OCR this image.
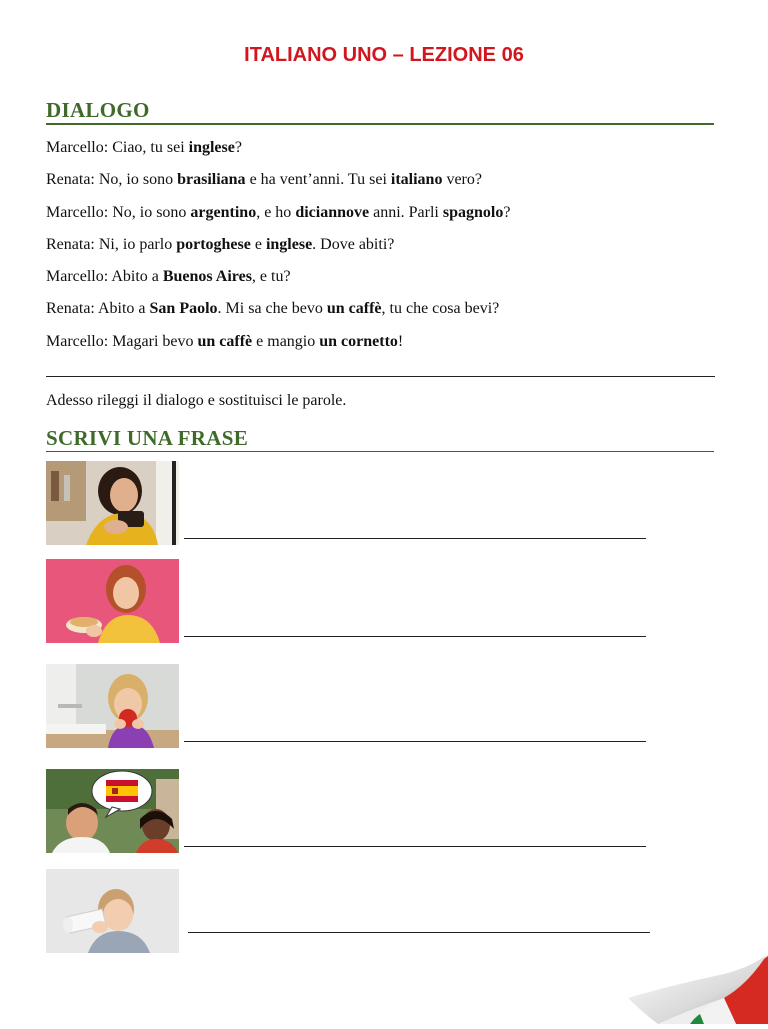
ITALIANO UNO – LEZIONE 06
DIALOGO
Marcello: Ciao, tu sei inglese?
Renata: No, io sono brasiliana e ha vent’anni. Tu sei italiano vero?
Marcello: No, io sono argentino, e ho diciannove anni. Parli spagnolo?
Renata: Ni, io parlo portoghese e inglese. Dove abiti?
Marcello: Abito a Buenos Aires, e tu?
Renata: Abito a San Paolo. Mi sa che bevo un caffè, tu che cosa bevi?
Marcello: Magari bevo un caffè e mangio un cornetto!
Adesso rileggi il dialogo e sostituisci le parole.
SCRIVI UNA FRASE
